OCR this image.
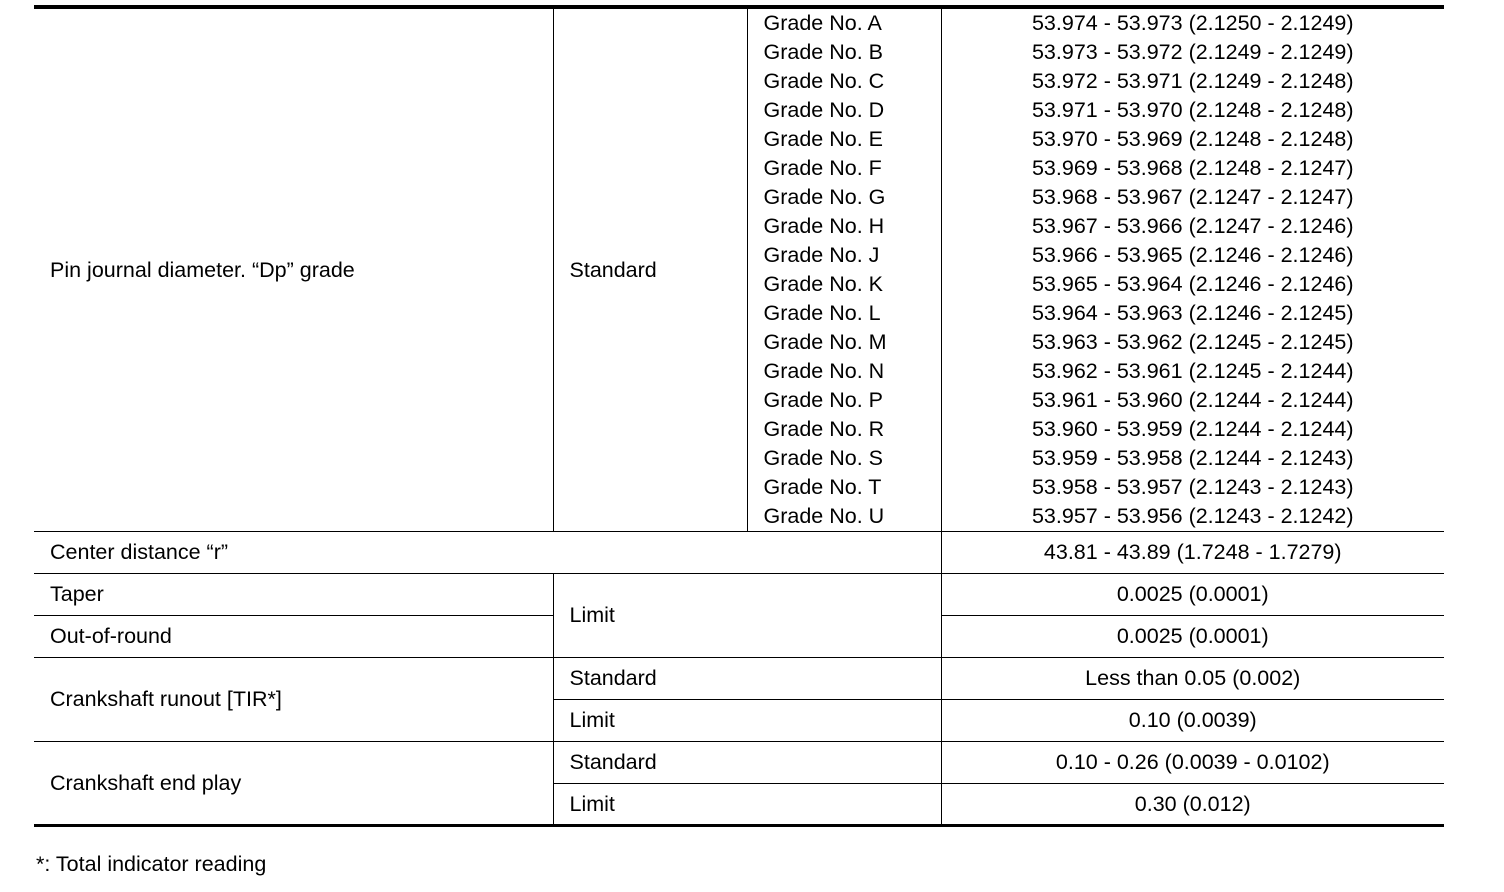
Pin journal diameter. “Dp” grade	Standard	Grade No. A	53.974 - 53.973 (2.1250 - 2.1249)
		Grade No. B	53.973 - 53.972 (2.1249 - 2.1249)
		Grade No. C	53.972 - 53.971 (2.1249 - 2.1248)
		Grade No. D	53.971 - 53.970 (2.1248 - 2.1248)
		Grade No. E	53.970 - 53.969 (2.1248 - 2.1248)
		Grade No. F	53.969 - 53.968 (2.1248 - 2.1247)
		Grade No. G	53.968 - 53.967 (2.1247 - 2.1247)
		Grade No. H	53.967 - 53.966 (2.1247 - 2.1246)
		Grade No. J	53.966 - 53.965 (2.1246 - 2.1246)
		Grade No. K	53.965 - 53.964 (2.1246 - 2.1246)
		Grade No. L	53.964 - 53.963 (2.1246 - 2.1245)
		Grade No. M	53.963 - 53.962 (2.1245 - 2.1245)
		Grade No. N	53.962 - 53.961 (2.1245 - 2.1244)
		Grade No. P	53.961 - 53.960 (2.1244 - 2.1244)
		Grade No. R	53.960 - 53.959 (2.1244 - 2.1244)
		Grade No. S	53.959 - 53.958 (2.1244 - 2.1243)
		Grade No. T	53.958 - 53.957 (2.1243 - 2.1243)
		Grade No. U	53.957 - 53.956 (2.1243 - 2.1242)
Center distance “r”			43.81 - 43.89 (1.7248 - 1.7279)
Taper	Limit		0.0025 (0.0001)
Out-of-round			0.0025 (0.0001)
Crankshaft runout [TIR*]	Standard		Less than 0.05 (0.002)
	Limit		0.10 (0.0039)
Crankshaft end play	Standard		0.10 - 0.26 (0.0039 - 0.0102)
	Limit		0.30 (0.012)
*: Total indicator reading
